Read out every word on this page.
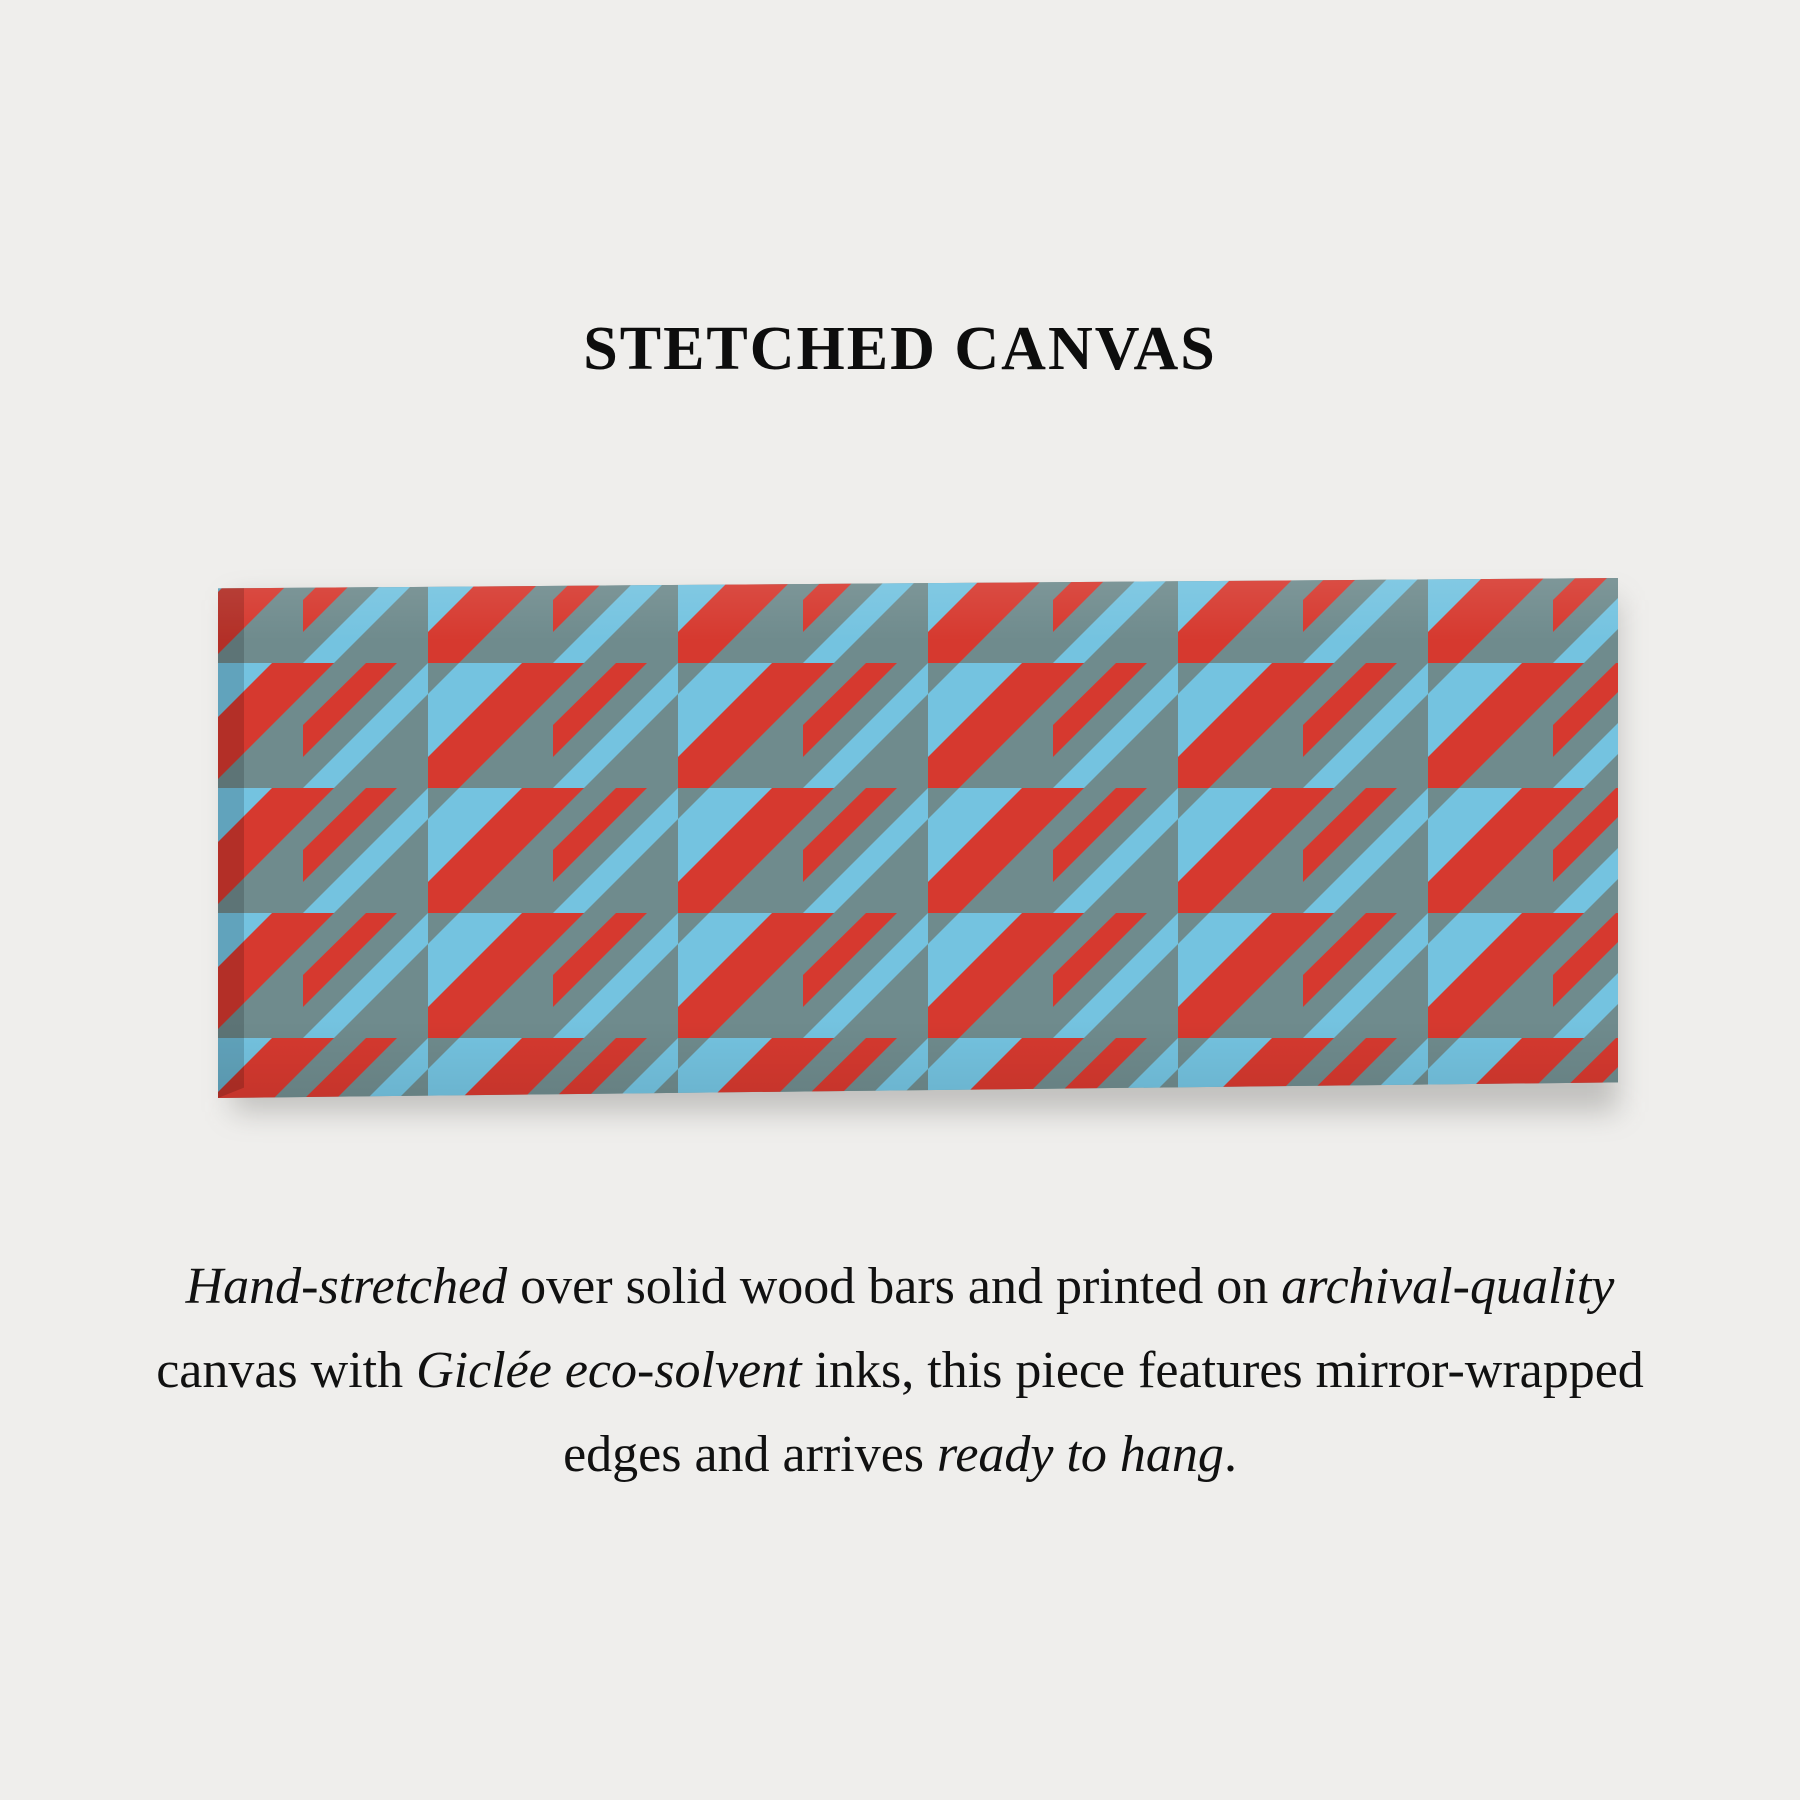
STETCHED CANVAS
Hand-stretched over solid wood bars and printed on archival-quality canvas with Giclée eco-solvent inks, this piece features mirror-wrapped edges and arrives ready to hang.
